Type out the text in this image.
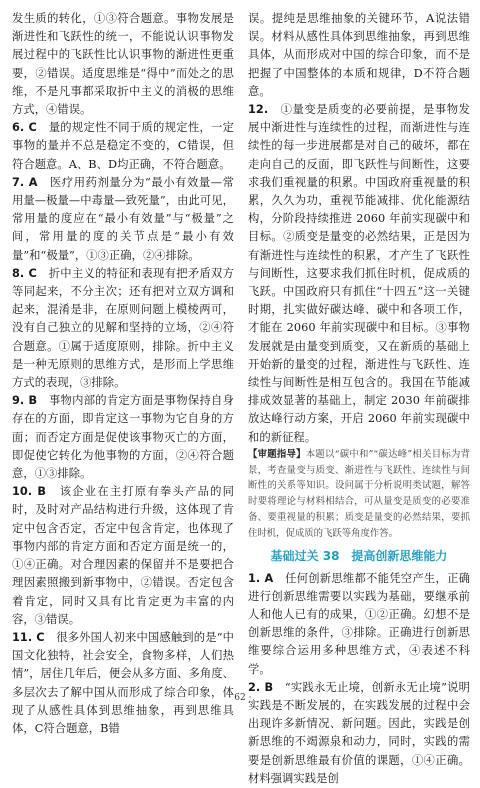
发生质的转化，①③符合题意。事物发展是渐进性和飞跃性的统一，不能说认识事物发展过程中的飞跃性比认识事物的渐进性更重要，②错误。适度思维是“得中”而处之的思维，不是凡事都采取折中主义的消极的思维方式，④错误。

6. C　 量的规定性不同于质的规定性，一定事物的量并不总是稳定不变的，C错误，但符合题意。A、B、D均正确，不符合题意。

7. A　 医疗用药剂量分为“最小有效量—常用量—极量—中毒量—致死量”，由此可见，常用量的度应在“最小有效量”与“极量”之间，常用量的度的关节点是“最小有效量”和“极量”，①③正确，②④排除。

8. C　 折中主义的特征和表现有把矛盾双方等同起来，不分主次；还有把对立双方调和起来，混淆是非，在原则问题上模棱两可，没有自己独立的见解和坚持的立场，②④符合题意。①属于适度原则，排除。折中主义是一种无原则的思维方式，是形而上学思维方式的表现，③排除。

9. B　 事物内部的肯定方面是事物保持自身存在的方面，即肯定这一事物为它自身的方面；而否定方面是促使该事物灭亡的方面，即促使它转化为他事物的方面，②④符合题意，①③排除。

10. B　 该企业在主打原有拳头产品的同时，及时对产品结构进行升级，这体现了肯定中包含否定，否定中包含肯定，也体现了事物内部的肯定方面和否定方面是统一的，①④正确。对合理因素的保留并不是要把合理因素照搬到新事物中，②错误。否定包含着肯定，同时又具有比肯定更为丰富的内容，③错误。

11. C　 很多外国人初来中国感触到的是“中国文化独特，社会安全，食物多样，人们热情”，居住几年后，便会从多方面、多角度、多层次去了解中国从而形成了综合印象，体现了从感性具体到思维抽象，再到思维具体，C符合题意，B错

误。提纯是思维抽象的关键环节，A说法错误。材料从感性具体到思维抽象，再到思维具体，从而形成对中国的综合印象，而不是把握了中国整体的本质和规律，D不符合题意。

12.　 ①量变是质变的必要前提，是事物发展中渐进性与连续性的过程，而渐进性与连续性的每一步进展都是对自己的破坏，都在走向自己的反面，即飞跃性与间断性，这要求我们重视量的积累。中国政府重视量的积累，久久为功，重视节能减排、优化能源结构，分阶段持续推进 2060 年前实现碳中和目标。②质变是量变的必然结果，正是因为有渐进性与连续性的积累，才产生了飞跃性与间断性，这要求我们抓住时机，促成质的飞跃。中国政府只有抓住“十四五”这一关键时期，扎实做好碳达峰、碳中和各项工作，才能在 2060 年前实现碳中和目标。③事物发展就是由量变到质变，又在新质的基础上开始新的量变的过程，渐进性与飞跃性、连续性与间断性是相互包含的。我国在节能减排成效显著的基础上，制定 2030 年前碳排放达峰行动方案，开启 2060 年前实现碳中和的新征程。

【审题指导】本题以“碳中和”“碳达峰”相关目标为背景，考查量变与质变、渐进性与飞跃性、连续性与间断性的关系等知识。设问属于分析说明类试题，解答时要将理论与材料相结合，可从量变是质变的必要准备、要重视量的积累；质变是量变的必然结果，要抓住时机，促成质的飞跃等角度作答。

基础过关 38　提高创新思维能力

1. A　 任何创新思维都不能凭空产生，正确进行创新思维需要以实践为基础，要继承前人和他人已有的成果，①②正确。幻想不是创新思维的条件，③排除。正确进行创新思维要综合运用多种思维方式，④表述不科学。

2. B　 “实践永无止境，创新永无止境”说明实践是不断发展的，在实践发展的过程中会出现许多新情况、新问题。因此，实践是创新思维的不竭源泉和动力，同时，实践的需要是创新思维最有价值的课题，①④正确。材料强调实践是创

· 62 ·
